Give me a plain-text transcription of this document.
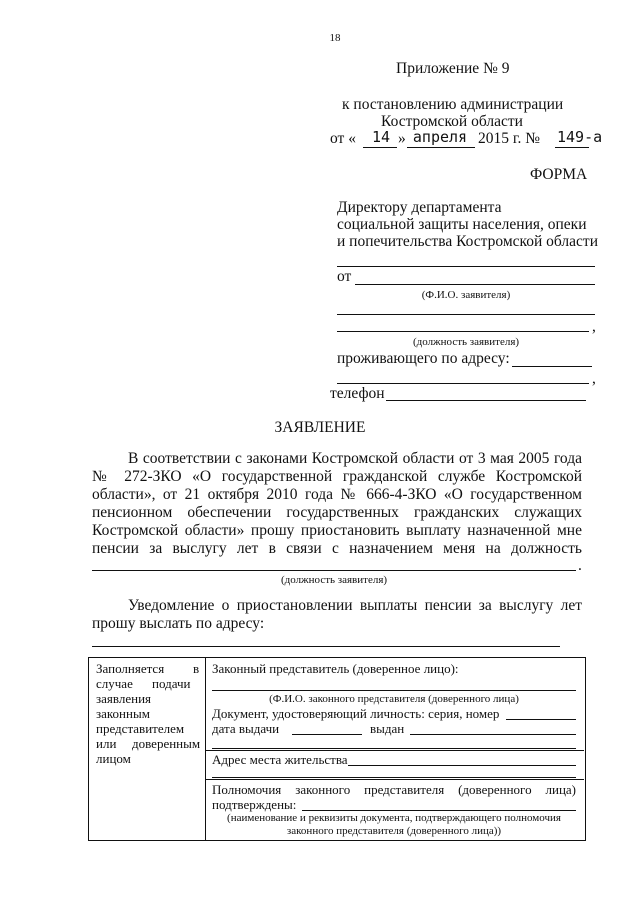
18
Приложение № 9
к постановлению администрации
Костромской области
от «	14 » апреля 2015 г. № 149-а
ФОРМА
Директору департамента
социальной защиты населения, опеки
и попечительства Костромской области
от
(Ф.И.О. заявителя)
,
(должность заявителя)
проживающего по адресу:
,
телефон
ЗАЯВЛЕНИЕ
В соответствии с законами Костромской области от 3 мая 2005 года
№ 272-ЗКО «О государственной гражданской службе Костромской
области», от 21 октября 2010 года № 666-4-ЗКО «О государственном
пенсионном обеспечении государственных гражданских служащих
Костромской области» прошу приостановить выплату назначенной мне
пенсии за выслугу лет в связи с назначением меня на должность
.
(должность заявителя)
Уведомление о приостановлении выплаты пенсии за выслугу лет
прошу выслать по адресу:
Заполняется в
случае подачи
заявления
законным
представителем
или доверенным
лицом
Законный представитель (доверенное лицо):
(Ф.И.О. законного представителя (доверенного лица)
Документ, удостоверяющий личность: серия, номер
дата выдачи	выдан
Адрес места жительства
Полномочия законного представителя (доверенного лица)
подтверждены:
(наименование и реквизиты документа, подтверждающего полномочия
законного представителя (доверенного лица))
